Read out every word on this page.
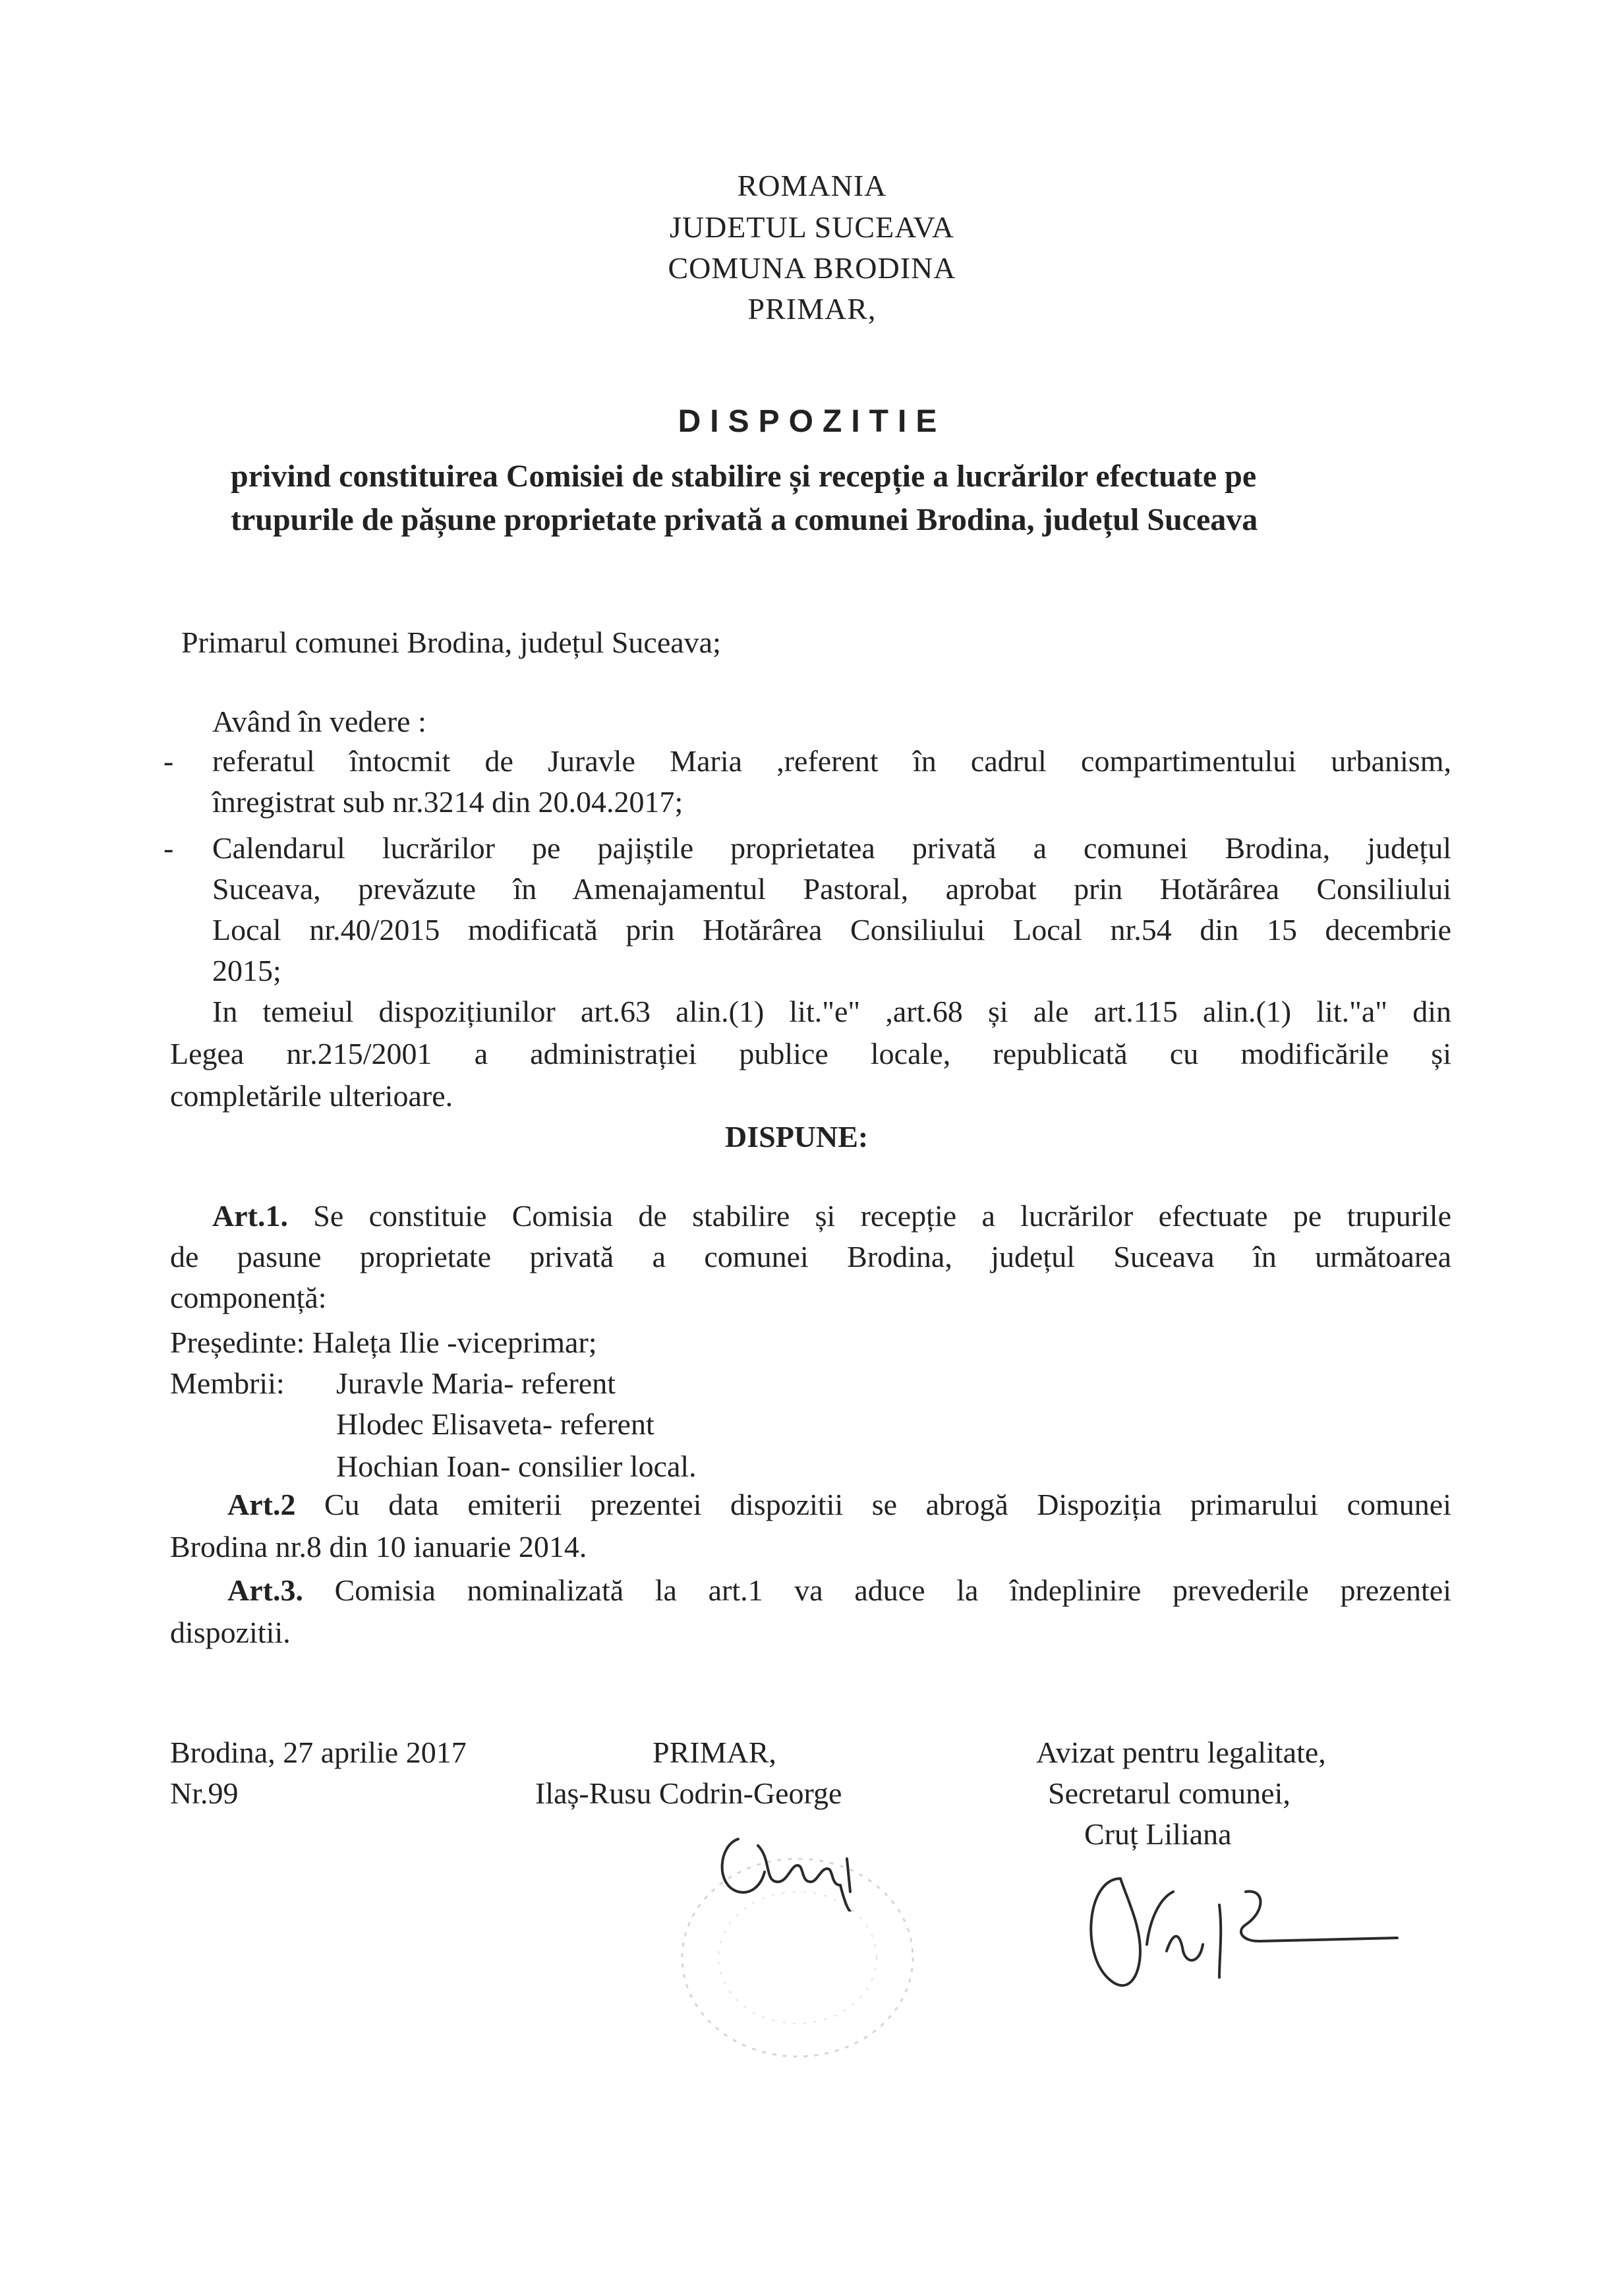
ROMANIA
JUDETUL SUCEAVA
COMUNA BRODINA
PRIMAR,
DISPOZITIE
privind constituirea Comisiei de stabilire și recepție a lucrărilor efectuate pe
trupurile de pășune proprietate privată a comunei Brodina, județul Suceava
Primarul comunei Brodina, județul Suceava;
Având în vedere :
- referatul întocmit de Juravle Maria ,referent în cadrul compartimentului urbanism,
înregistrat sub nr.3214 din 20.04.2017;
- Calendarul lucrărilor pe pajiștile proprietatea privată a comunei Brodina, județul
Suceava, prevăzute în Amenajamentul Pastoral, aprobat prin Hotărârea Consiliului
Local nr.40/2015 modificată prin Hotărârea Consiliului Local nr.54 din 15 decembrie
2015;
In temeiul dispozițiunilor art.63 alin.(1) lit."e" ,art.68 și ale art.115 alin.(1) lit."a" din
Legea nr.215/2001 a administrației publice locale, republicată cu modificările și
completările ulterioare.
DISPUNE:
Art.1. Se constituie Comisia de stabilire și recepție a lucrărilor efectuate pe trupurile
de pasune proprietate privată a comunei Brodina, județul Suceava în următoarea
componență:
Președinte: Haleța Ilie -viceprimar;
Membrii: Juravle Maria- referent
Hlodec Elisaveta- referent
Hochian Ioan- consilier local.
Art.2 Cu data emiterii prezentei dispozitii se abrogă Dispoziția primarului comunei
Brodina nr.8 din 10 ianuarie 2014.
Art.3. Comisia nominalizată la art.1 va aduce la îndeplinire prevederile prezentei
dispozitii.
Brodina, 27 aprilie 2017
Nr.99
PRIMAR,
Ilaș-Rusu Codrin-George
Avizat pentru legalitate,
Secretarul comunei,
Cruț Liliana
